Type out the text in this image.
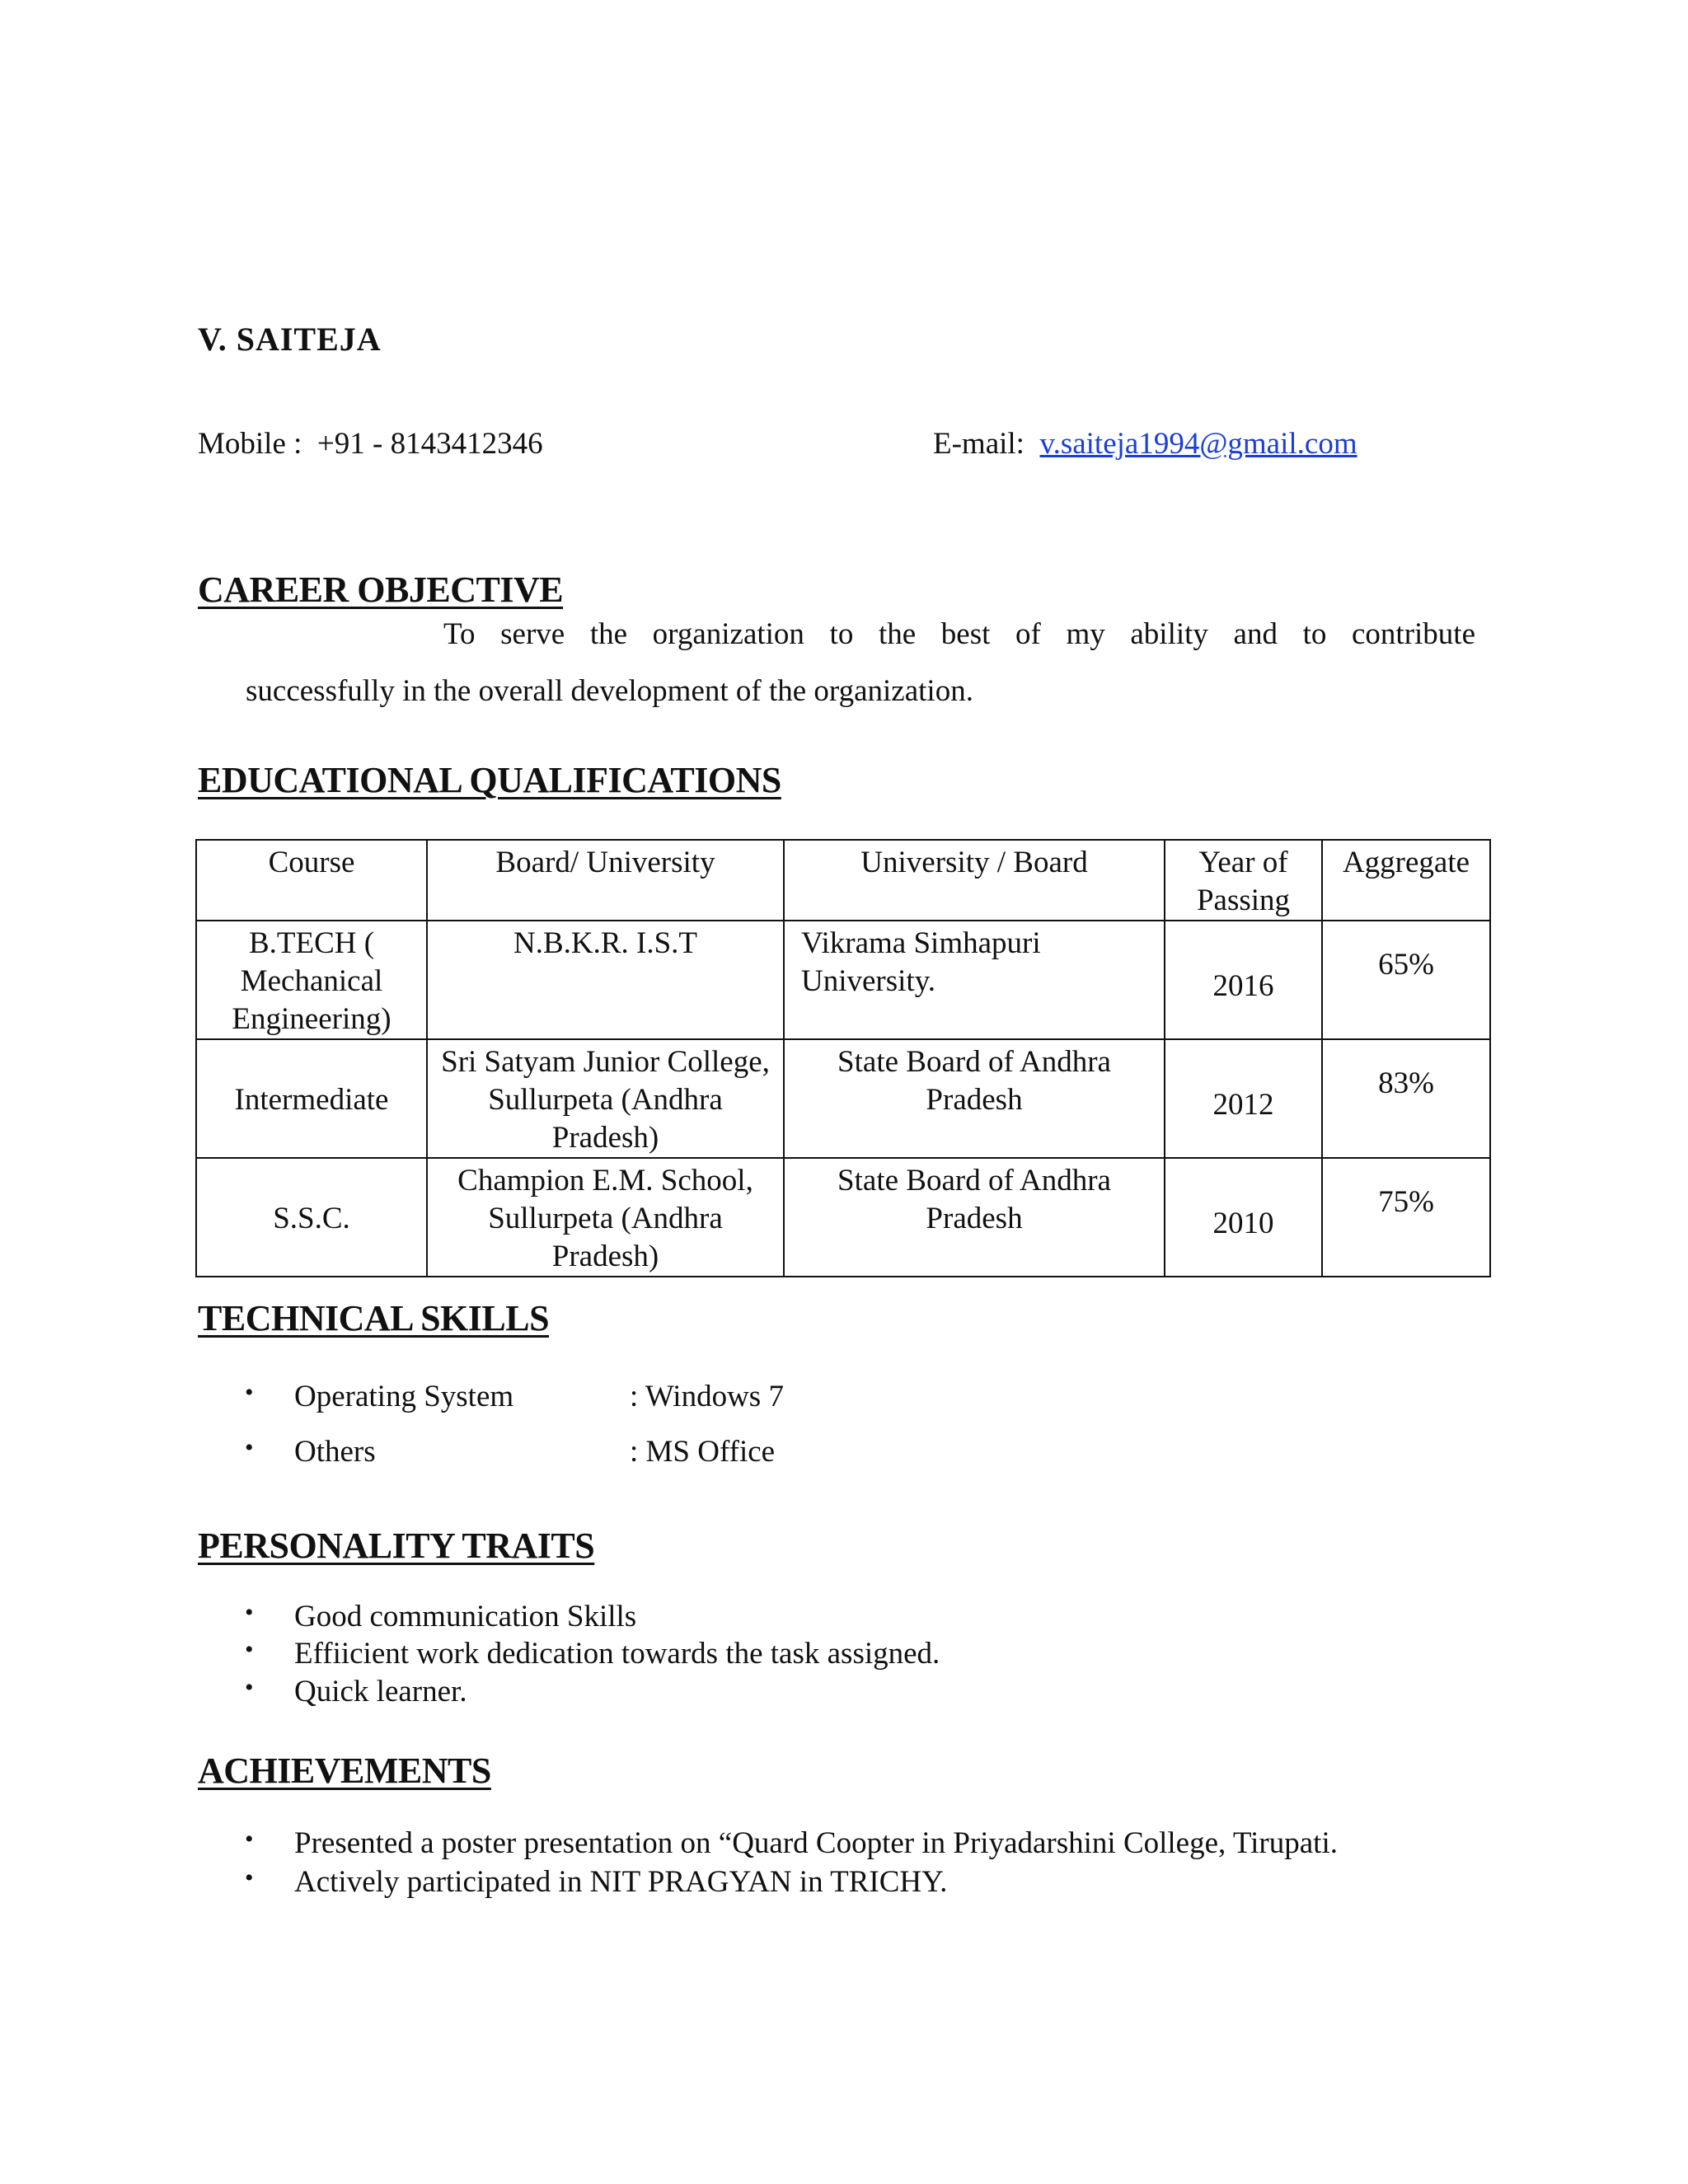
V. SAITEJA
Mobile : +91 - 8143412346	E-mail: v.saiteja1994@gmail.com
CAREER OBJECTIVE
To serve the organization to the best of my ability and to contribute
successfully in the overall development of the organization.
EDUCATIONAL QUALIFICATIONS
Course	Board/ University	University / Board	Year of Passing	Aggregate
B.TECH ( Mechanical Engineering)	N.B.K.R. I.S.T	Vikrama Simhapuri University.	2016	65%
Intermediate	Sri Satyam Junior College, Sullurpeta (Andhra Pradesh)	State Board of Andhra Pradesh	2012	83%
S.S.C.	Champion E.M. School, Sullurpeta (Andhra Pradesh)	State Board of Andhra Pradesh	2010	75%
TECHNICAL SKILLS
• Operating System	: Windows 7
• Others	: MS Office
PERSONALITY TRAITS
• Good communication Skills
• Effiicient work dedication towards the task assigned.
• Quick learner.
ACHIEVEMENTS
• Presented a poster presentation on “Quard Coopter in Priyadarshini College, Tirupati.
• Actively participated in NIT PRAGYAN in TRICHY.
